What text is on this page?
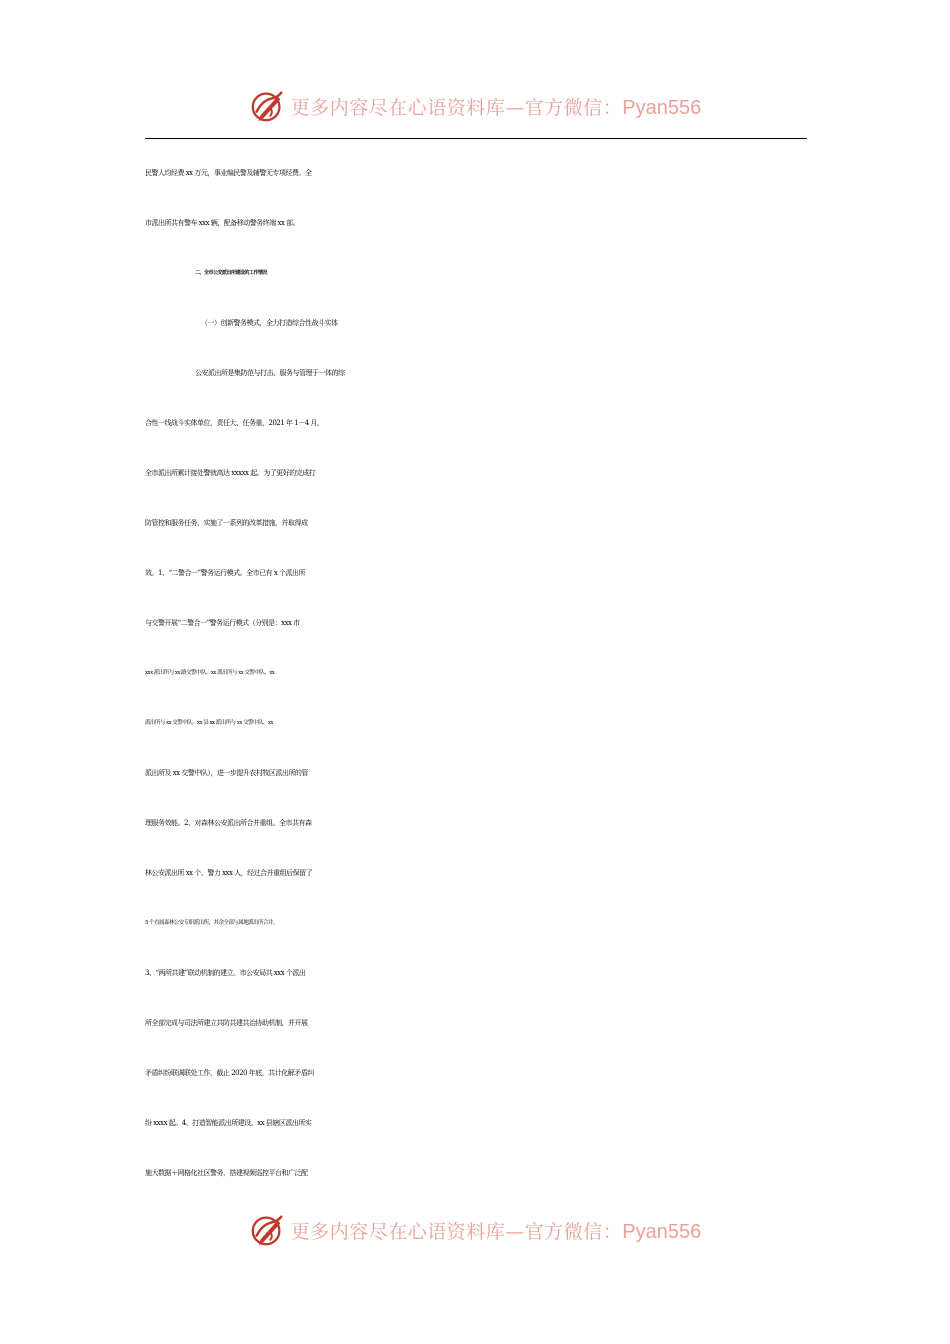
更多内容尽在心语资料库—官方微信：Pyan556
民警人均经费 xx 万元，事业编民警及辅警无专项经费。全
市派出所共有警车 xxx 辆，配备移动警务终端 xx 部。
二、全市公安派出所建设的工作情况
（一）创新警务模式，全力打造综合性战斗实体
公安派出所是集防范与打击、服务与管理于一体的综
合性一线战斗实体单位，责任大、任务重，2021 年 1－4 月，
全市派出所累计接处警就高达 xxxxx 起。为了更好的完成打
防管控和服务任务，实施了一系列的改革措施，并取得成
效。1、“二警合一”警务运行模式。全市已有 x 个派出所
与交警开展“二警合一”警务运行模式（分别是：xxx 市
xxx 派出所与 xx 路交警中队、xx 派出所与 xx 交警中队、xx
派出所与 xx 交警中队、xx 县 xx 派出所与 xx 交警中队、xx
派出所及 xx 交警中队），进一步提升农村牧区派出所的管
理服务效能。2、对森林公安派出所合并重组。全市共有森
林公安派出所 xx 个、警力 xxx 人，经过合并重组后保留了
5 个直属森林公安专职派出所，其余全部与属地派出所合并。
3、“两所共建”联动机制的建立。市公安局共 xxx 个派出
所全部完成与司法所建立共防共建共治协助机制，并开展
矛盾纠纷联调联处工作，截止 2020 年底，共计化解矛盾纠
纷 xxxx 起。4、打造智能派出所建设。xx 县辖区派出所实
施大数据＋网格化社区警务，搭建视频巡控平台和广泛配
更多内容尽在心语资料库—官方微信：Pyan556
